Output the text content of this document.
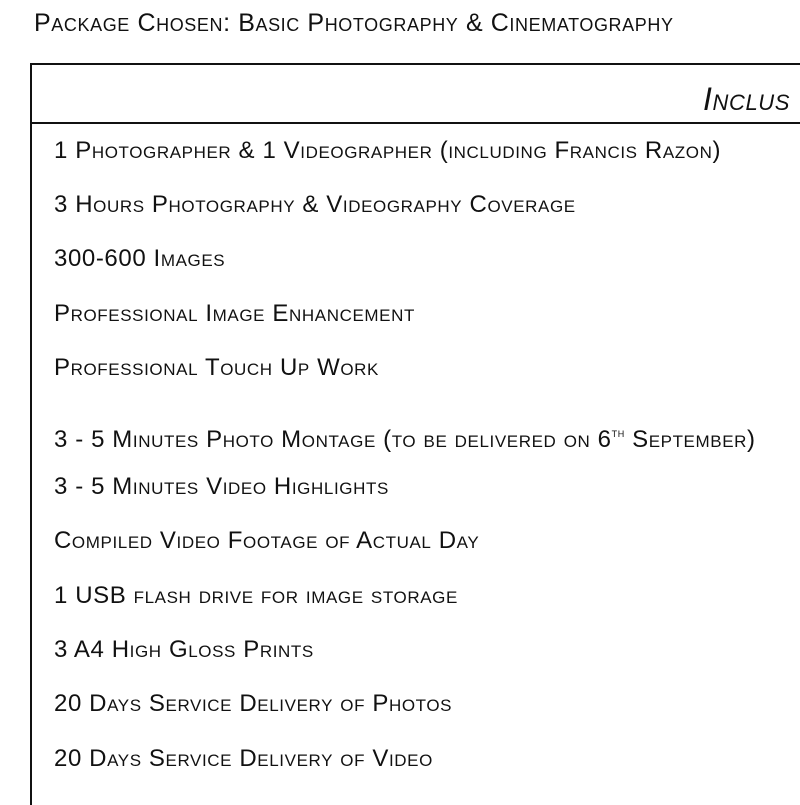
Package Chosen: Basic Photography & Cinematography
Inclus
1 Photographer & 1 Videographer (including Francis Razon)
3 Hours Photography & Videography Coverage
300-600 Images
Professional Image Enhancement
Professional Touch Up Work
3 - 5 Minutes Photo Montage (to be delivered on 6th September)
3 - 5 Minutes Video Highlights
Compiled Video Footage of Actual Day
1 USB flash drive for image storage
3 A4 High Gloss Prints
20 Days Service Delivery of Photos
20 Days Service Delivery of Video
